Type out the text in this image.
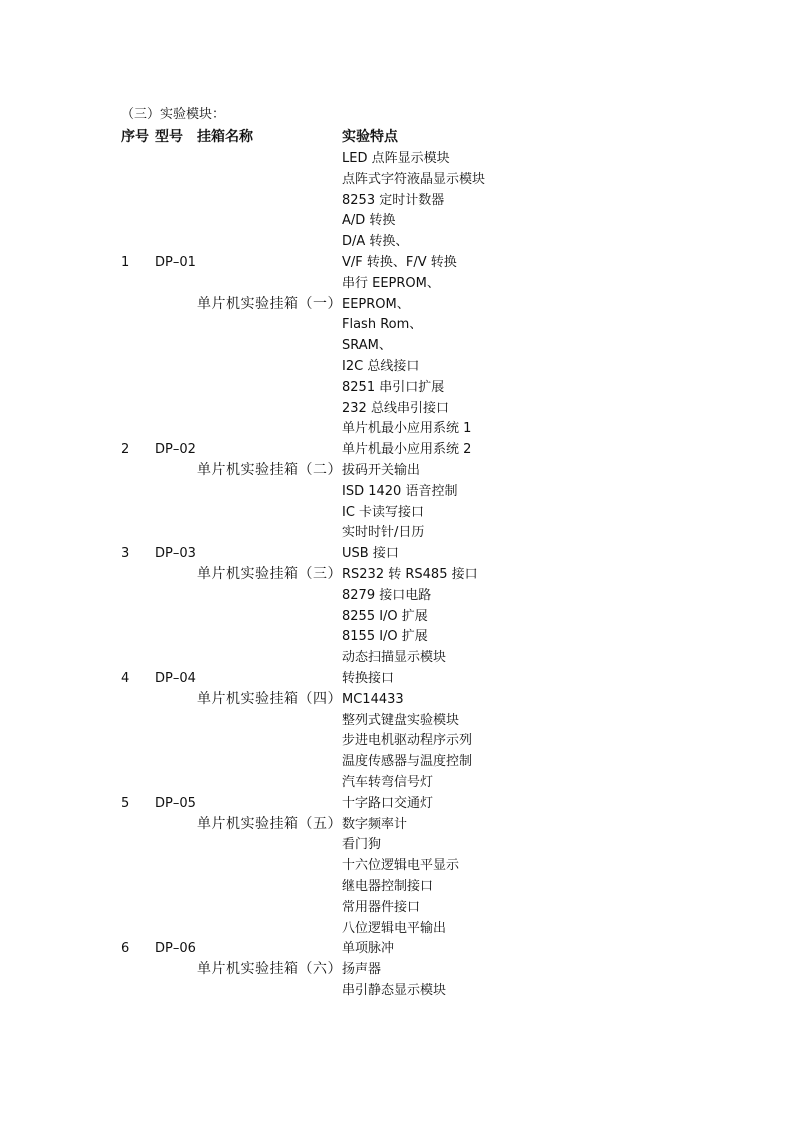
（三）实验模块：
序号 型号 挂箱名称	实验特点
LED 点阵显示模块
点阵式字符液晶显示模块
8253 定时计数器
A/D 转换
D/A 转换、
V/F 转换、F/V 转换
串行 EEPROM、
EEPROM、
Flash Rom、
SRAM、
I2C 总线接口
8251 串引口扩展
232 总线串引接口
1 DP–01
单片机实验挂箱（一）
单片机最小应用系统 1
单片机最小应用系统 2
拔码开关输出
ISD 1420 语音控制
IC 卡读写接口
2 DP–02
单片机实验挂箱（二）
实时时针/日历
USB 接口
RS232 转 RS485 接口
8279 接口电路
8255 I/O 扩展
8155 I/O 扩展
3 DP–03
单片机实验挂箱（三）
动态扫描显示模块
转换接口
MC14433
整列式键盘实验模块
步进电机驱动程序示列
温度传感器与温度控制
4 DP–04
单片机实验挂箱（四）
汽车转弯信号灯
十字路口交通灯
数字频率计
看门狗
十六位逻辑电平显示
继电器控制接口
常用器件接口
5 DP–05
单片机实验挂箱（五）
八位逻辑电平输出
单项脉冲
扬声器
串引静态显示模块
6 DP–06
单片机实验挂箱（六）
